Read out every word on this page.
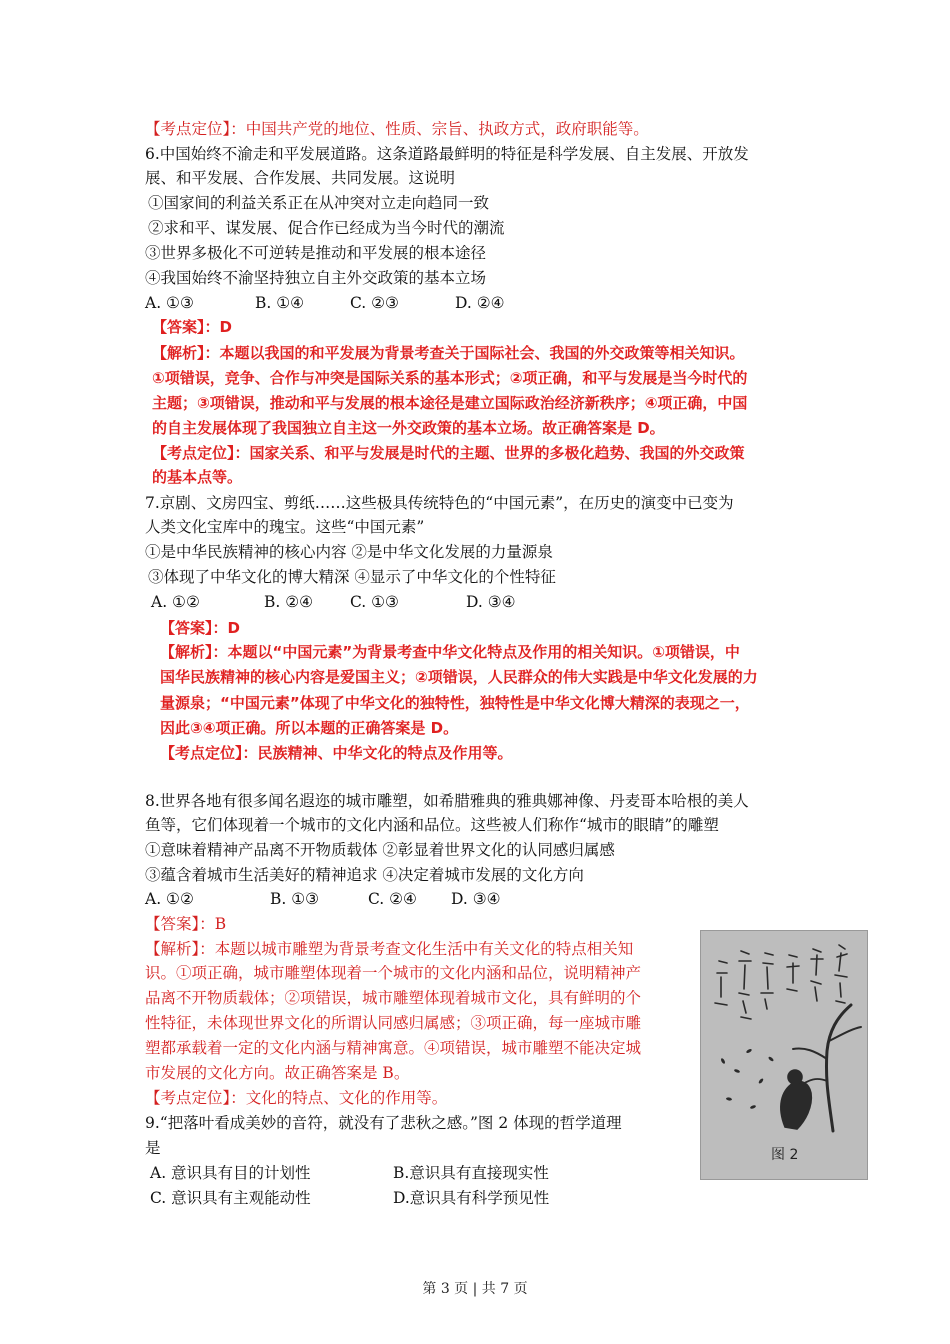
【考点定位】：中国共产党的地位、性质、宗旨、执政方式，政府职能等。
6.中国始终不渝走和平发展道路。这条道路最鲜明的特征是科学发展、自主发展、开放发
展、和平发展、合作发展、共同发展。这说明
①国家间的利益关系正在从冲突对立走向趋同一致
②求和平、谋发展、促合作已经成为当今时代的潮流
③世界多极化不可逆转是推动和平发展的根本途径
④我国始终不渝坚持独立自主外交政策的基本立场
A. ①③	B. ①④	C. ②③	D. ②④
【答案】：D
【解析】：本题以我国的和平发展为背景考查关于国际社会、我国的外交政策等相关知识。
①项错误，竞争、合作与冲突是国际关系的基本形式；②项正确，和平与发展是当今时代的
主题；③项错误，推动和平与发展的根本途径是建立国际政治经济新秩序；④项正确，中国
的自主发展体现了我国独立自主这一外交政策的基本立场。故正确答案是 D。
【考点定位】：国家关系、和平与发展是时代的主题、世界的多极化趋势、我国的外交政策
的基本点等。
7.京剧、文房四宝、剪纸……这些极具传统特色的“中国元素”，在历史的演变中已变为
人类文化宝库中的瑰宝。这些“中国元素”
①是中华民族精神的核心内容 ②是中华文化发展的力量源泉
③体现了中华文化的博大精深 ④显示了中华文化的个性特征
A. ①②	B. ②④ C. ①③	D. ③④
【答案】：D
【解析】：本题以“中国元素”为背景考查中华文化特点及作用的相关知识。①项错误，中
国华民族精神的核心内容是爱国主义；②项错误，人民群众的伟大实践是中华文化发展的力
量源泉；“中国元素”体现了中华文化的独特性，独特性是中华文化博大精深的表现之一，
因此③④项正确。所以本题的正确答案是 D。
【考点定位】：民族精神、中华文化的特点及作用等。
8.世界各地有很多闻名遐迩的城市雕塑，如希腊雅典的雅典娜神像、丹麦哥本哈根的美人
鱼等，它们体现着一个城市的文化内涵和品位。这些被人们称作“城市的眼睛”的雕塑
①意味着精神产品离不开物质载体 ②彰显着世界文化的认同感归属感
③蕴含着城市生活美好的精神追求 ④决定着城市发展的文化方向
A. ①②	B. ①③	C. ②④ D. ③④
【答案】：B
【解析】：本题以城市雕塑为背景考查文化生活中有关文化的特点相关知
识。①项正确，城市雕塑体现着一个城市的文化内涵和品位，说明精神产
品离不开物质载体；②项错误，城市雕塑体现着城市文化，具有鲜明的个
性特征，未体现世界文化的所谓认同感归属感；③项正确，每一座城市雕
塑都承载着一定的文化内涵与精神寓意。④项错误，城市雕塑不能决定城
市发展的文化方向。故正确答案是 B。
【考点定位】：文化的特点、文化的作用等。
9.“把落叶看成美妙的音符，就没有了悲秋之感。”图 2 体现的哲学道理
是
A. 意识具有目的计划性	B.意识具有直接现实性
C. 意识具有主观能动性	D.意识具有科学预见性
图 2
第 3 页 | 共 7 页
